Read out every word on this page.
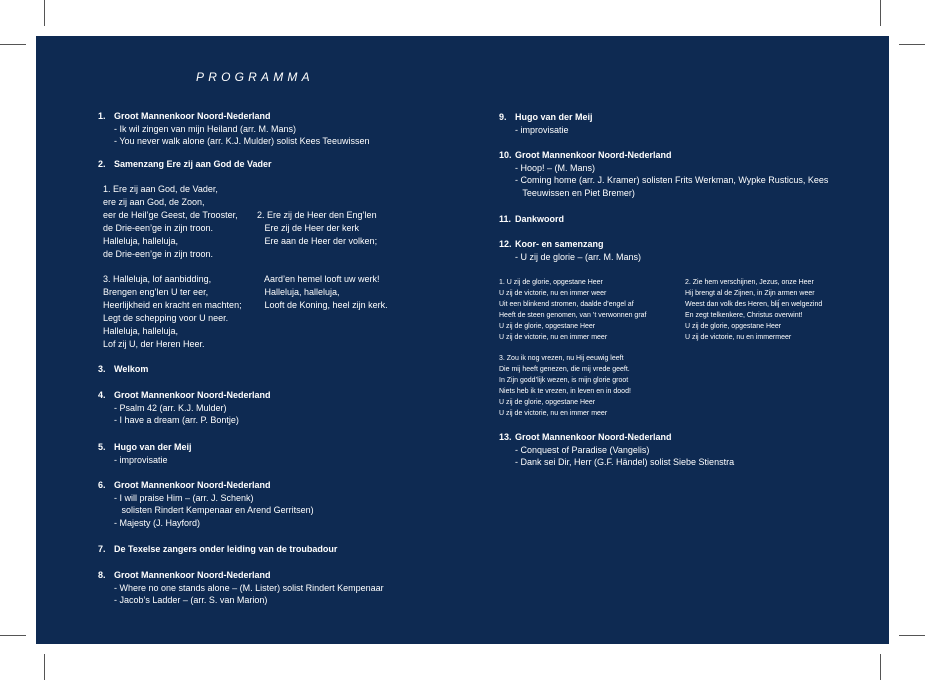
PROGRAMMA
1. Groot Mannenkoor Noord-Nederland
- Ik wil zingen van mijn Heiland (arr. M. Mans)
- You never walk alone (arr. K.J. Mulder) solist Kees Teeuwissen
2. Samenzang Ere zij aan God de Vader
1. Ere zij aan God, de Vader,
ere zij aan God, de Zoon,
eer de Heil’ge Geest, de Trooster,
de Drie-een’ge in zijn troon.
Halleluja, halleluja,
de Drie-een’ge in zijn troon.

2. Ere zij de Heer den Eng’len
Ere zij de Heer der kerk
Ere aan de Heer der volken;

Aard’en hemel looft uw werk!
Halleluja, halleluja,
Looft de Koning, heel zijn kerk.

3. Halleluja, lof aanbidding,
Brengen eng’len U ter eer,
Heerlijkheid en kracht en machten;
Legt de schepping voor U neer.
Halleluja, halleluja,
Lof zij U, der Heren Heer.
3. Welkom
4. Groot Mannenkoor Noord-Nederland
- Psalm 42 (arr. K.J. Mulder)
- I have a dream (arr. P. Bontje)
5. Hugo van der Meij
- improvisatie
6. Groot Mannenkoor Noord-Nederland
- I will praise Him – (arr. J. Schenk)
solisten Rindert Kempenaar en Arend Gerritsen)
- Majesty (J. Hayford)
7. De Texelse zangers onder leiding van de troubadour
8. Groot Mannenkoor Noord-Nederland
- Where no one stands alone – (M. Lister) solist Rindert Kempenaar
- Jacob’s Ladder – (arr. S. van Marion)
9. Hugo van der Meij
- improvisatie
10. Groot Mannenkoor Noord-Nederland
- Hoop! – (M. Mans)
- Coming home (arr. J. Kramer) solisten Frits Werkman, Wypke Rusticus, Kees
Teeuwissen en Piet Bremer)
11. Dankwoord
12. Koor- en samenzang
- U zij de glorie – (arr. M. Mans)
1. U zij de glorie, opgestane Heer
U zij de victorie, nu en immer weer
Uit een blinkend stromen, daalde d’engel af
Heeft de steen genomen, van ’t verwonnen graf
U zij de glorie, opgestane Heer
U zij de victorie, nu en immer meer
2. Zie hem verschijnen, Jezus, onze Heer
Hij brengt al de Zijnen, in Zijn armen weer
Weest dan volk des Heren, blij́ en welgezind
En zegt telkenkere, Christus overwint!
U zij de glorie, opgestane Heer
U zij de victorie, nu en immermeer
3. Zou ik nog vrezen, nu Hij eeuwig leeft
Die mij heeft genezen, die mij vrede geeft.
In Zijn godd’lijk wezen, is mijn glorie groot
Niets heb ik te vrezen, in leven en in dood!
U zij de glorie, opgestane Heer
U zij de victorie, nu en immer meer
13. Groot Mannenkoor Noord-Nederland
- Conquest of Paradise (Vangelis)
- Dank sei Dir, Herr (G.F. Händel) solist Siebe Stienstra
